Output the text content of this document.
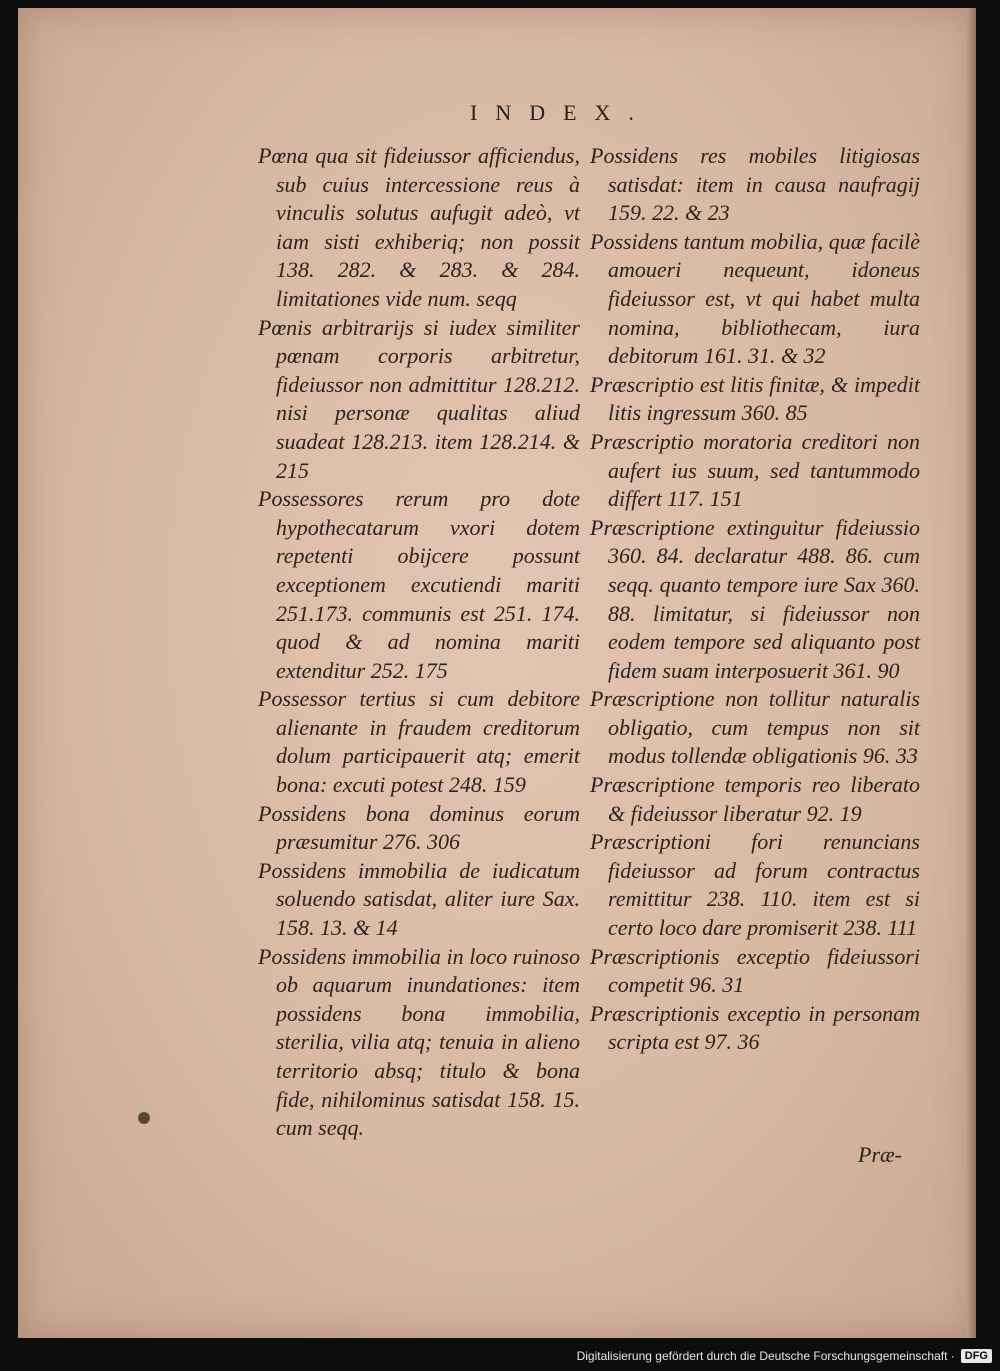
INDEX.

Pœna qua sit fideiussor afficiendus, sub cuius intercessione reus à vinculis solutus aufugit adeò, vt iam sisti exhiberiq; non possit 138. 282. & 283. & 284. limitationes vide num. seqq

Pœnis arbitrarijs si iudex similiter pœnam corporis arbitretur, fideiussor non admittitur 128.212. nisi personæ qualitas aliud suadeat 128.213. item 128.214. & 215

Possessores rerum pro dote hypothecatarum vxori dotem repetenti obijcere possunt exceptionem excutiendi mariti 251.173. communis est 251. 174. quod & ad nomina mariti extenditur 252. 175

Possessor tertius si cum debitore alienante in fraudem creditorum dolum participauerit atq; emerit bona: excuti potest 248. 159

Possidens bona dominus eorum præsumitur 276. 306

Possidens immobilia de iudicatum soluendo satisdat, aliter iure Sax. 158. 13. & 14

Possidens immobilia in loco ruinoso ob aquarum inundationes: item possidens bona immobilia, sterilia, vilia atq; tenuia in alieno territorio absq; titulo & bona fide, nihilominus satisdat 158. 15. cum seqq.

Possidens res mobiles litigiosas satisdat: item in causa naufragij 159. 22. & 23

Possidens tantum mobilia, quæ facilè amoueri nequeunt, idoneus fideiussor est, vt qui habet multa nomina, bibliothecam, iura debitorum 161. 31. & 32

Præscriptio est litis finitæ, & impedit litis ingressum 360. 85

Præscriptio moratoria creditori non aufert ius suum, sed tantummodo differt 117. 151

Præscriptione extinguitur fideiussio 360. 84. declaratur 488. 86. cum seqq. quanto tempore iure Sax 360. 88. limitatur, si fideiussor non eodem tempore sed aliquanto post fidem suam interposuerit 361. 90

Præscriptione non tollitur naturalis obligatio, cum tempus non sit modus tollendæ obligationis 96. 33

Præscriptione temporis reo liberato & fideiussor liberatur 92. 19

Præscriptioni fori renuncians fideiussor ad forum contractus remittitur 238. 110. item est si certo loco dare promiserit 238. 111

Præscriptionis exceptio fideiussori competit 96. 31

Præscriptionis exceptio in personam scripta est 97. 36

Præ-
Digitalisierung gefördert durch die Deutsche Forschungsgemeinschaft · DFG
